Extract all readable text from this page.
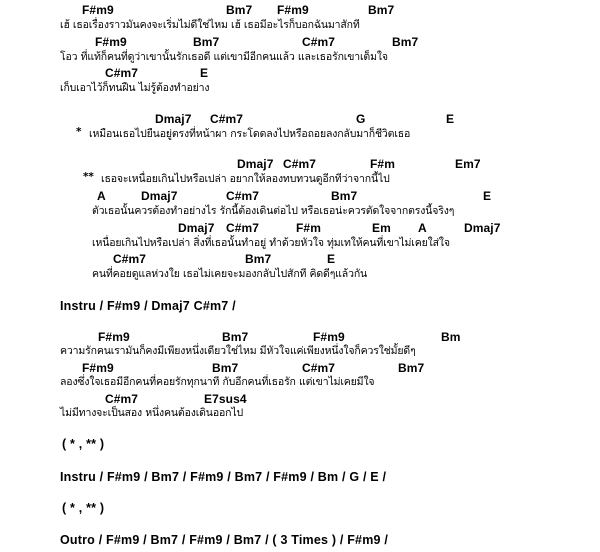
F#m9	Bm7 F#m9	Bm7
เฮ้ เธอเรื่องราวมันคงจะเริ่มไม่ดีใช่ไหม เฮ้ เธอมีอะไรก็บอกฉันมาสักที
F#m9	Bm7	C#m7	Bm7
โอว ที่แท้ก็คนที่ดูว่าเขานั้นรักเธอดี แต่เขามีอีกคนแล้ว และเธอรักเขาเต็มใจ
C#m7	E
เก็บเอาไว้ก็ทนฝืน ไม่รู้ต้องทำอย่าง
Dmaj7 C#m7	G	E
* เหมือนเธอไปยืนอยู่ตรงที่หน้าผา กระโดดลงไปหรือถอยลงกลับมาก็ชีวิตเธอ
Dmaj7 C#m7	F#m	Em7
** เธอจะเหนื่อยเกินไปหรือเปล่า อยากให้ลองทบทวนดูอีกทีว่าจากนี้ไป
A	Dmaj7	C#m7	Bm7	E
ตัวเธอนั้นควรต้องทำอย่างไร รักนี้ต้องเดินต่อไป หรือเธอน่ะควรตัดใจจากตรงนี้จริงๆ
Dmaj7 C#m7	F#m	Em A	Dmaj7
เหนื่อยเกินไปหรือเปล่า สิ่งที่เธอนั้นทำอยู่ ทำด้วยหัวใจ ทุ่มเทให้คนที่เขาไม่เคยใส่ใจ
C#m7	Bm7	E
คนที่คอยดูแลห่วงใย เธอไม่เคยจะมองกลับไปสักที คิดดีๆแล้วกัน
Instru / F#m9 / Dmaj7 C#m7 /
F#m9	Bm7	F#m9	Bm
ความรักคนเรามันก็คงมีเพียงหนึ่งเดียวใช่ไหม มีหัวใจแค่เพียงหนึ่งใจก็ควรใช่มั้ยดีๆ
F#m9	Bm7	C#m7	Bm7
ลองซึ่งใจเธอมีอีกคนที่คอยรักทุกนาที กับอีกคนที่เธอรัก แต่เขาไม่เคยมีใจ
C#m7	E7sus4
ไม่มีทางจะเป็นสอง หนึ่งคนต้องเดินออกไป
( * , ** )
Instru / F#m9 / Bm7 / F#m9 / Bm7 / F#m9 / Bm / G / E /
( * , ** )
Outro / F#m9 / Bm7 / F#m9 / Bm7 / ( 3 Times ) / F#m9 /
